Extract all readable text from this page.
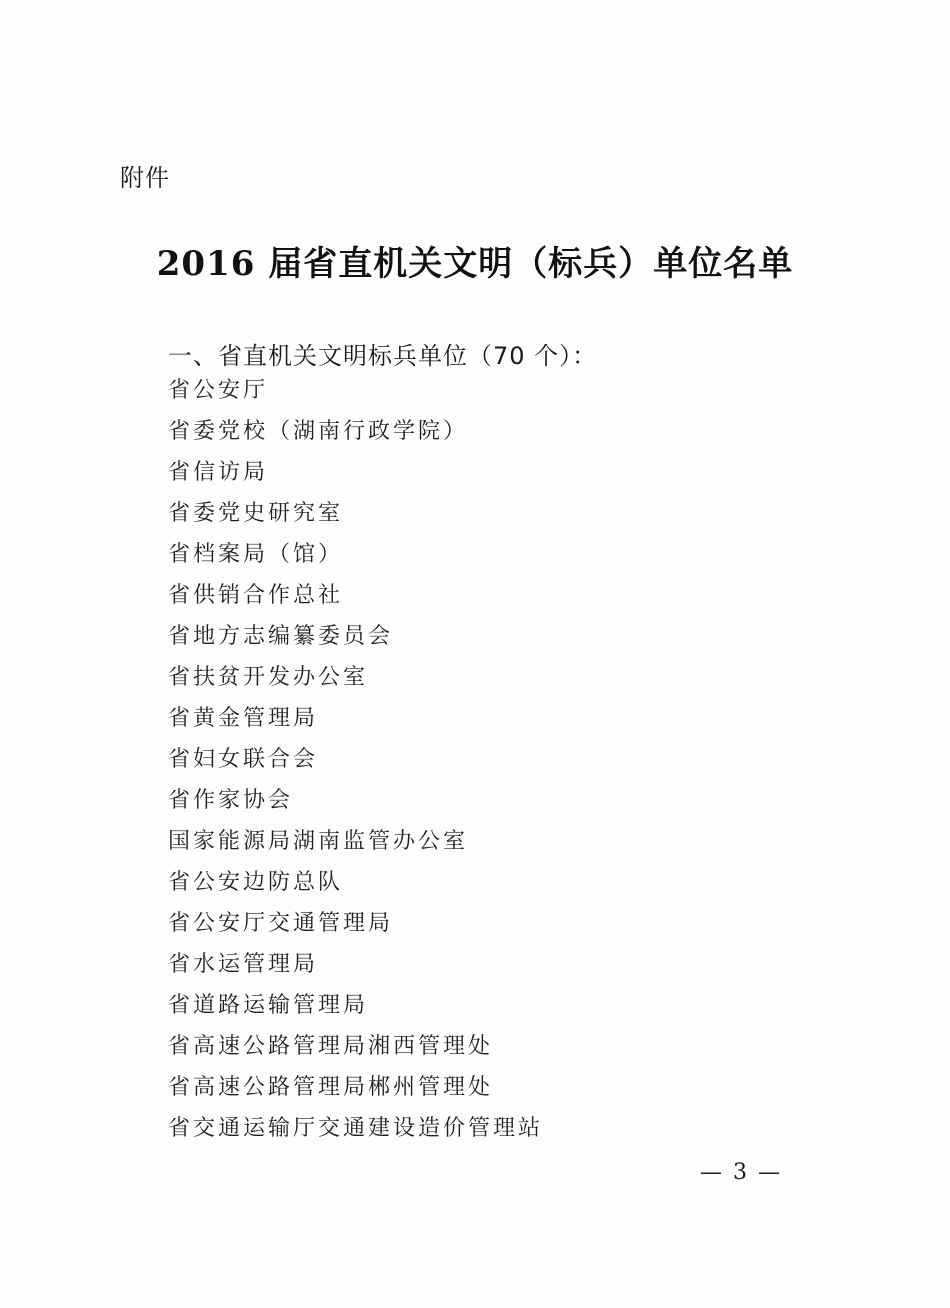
附件
2016 届省直机关文明（标兵）单位名单
一、省直机关文明标兵单位（70 个）：
省公安厅
省委党校（湖南行政学院）
省信访局
省委党史研究室
省档案局（馆）
省供销合作总社
省地方志编纂委员会
省扶贫开发办公室
省黄金管理局
省妇女联合会
省作家协会
国家能源局湖南监管办公室
省公安边防总队
省公安厅交通管理局
省水运管理局
省道路运输管理局
省高速公路管理局湘西管理处
省高速公路管理局郴州管理处
省交通运输厅交通建设造价管理站
— 3 —
